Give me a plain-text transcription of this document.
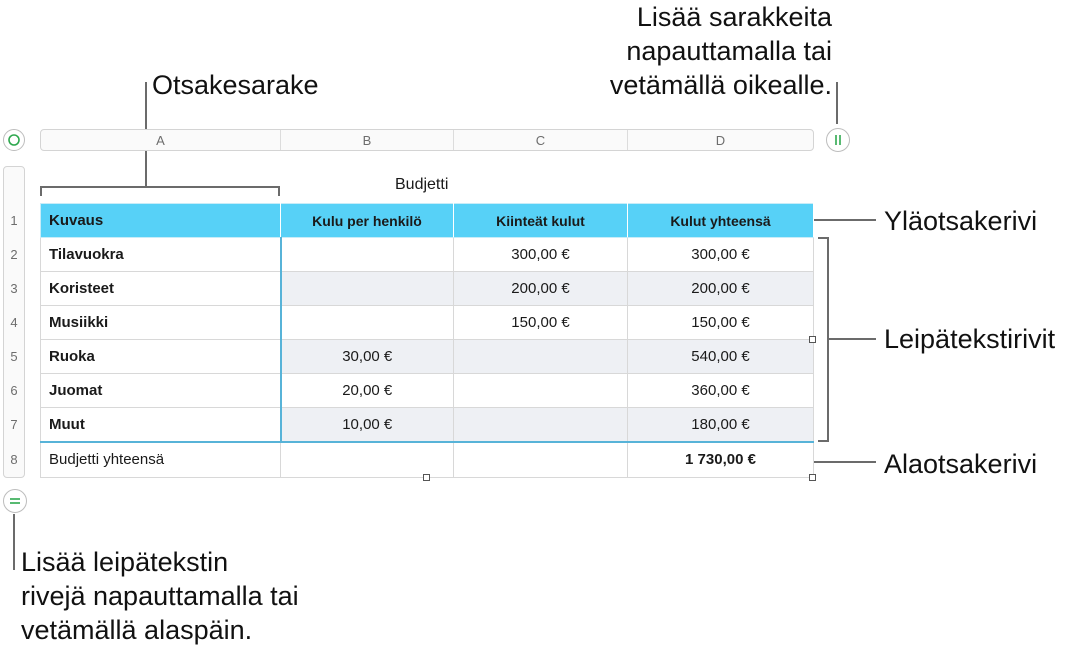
Lisää sarakkeita
napauttamalla tai
vetämällä oikealle.
Otsakesarake
A	B	C	D
Budjetti
1
2
3
4
5
6
7
8
Kuvaus	Kulu per henkilö	Kiinteät kulut	Kulut yhteensä
Tilavuokra		300,00 €	300,00 €
Koristeet		200,00 €	200,00 €
Musiikki		150,00 €	150,00 €
Ruoka	30,00 €		540,00 €
Juomat	20,00 €		360,00 €
Muut	10,00 €		180,00 €
Budjetti yhteensä			1 730,00 €
Yläotsakerivi
Leipätekstirivit
Alaotsakerivi
Lisää leipätekstin
rivejä napauttamalla tai
vetämällä alaspäin.
